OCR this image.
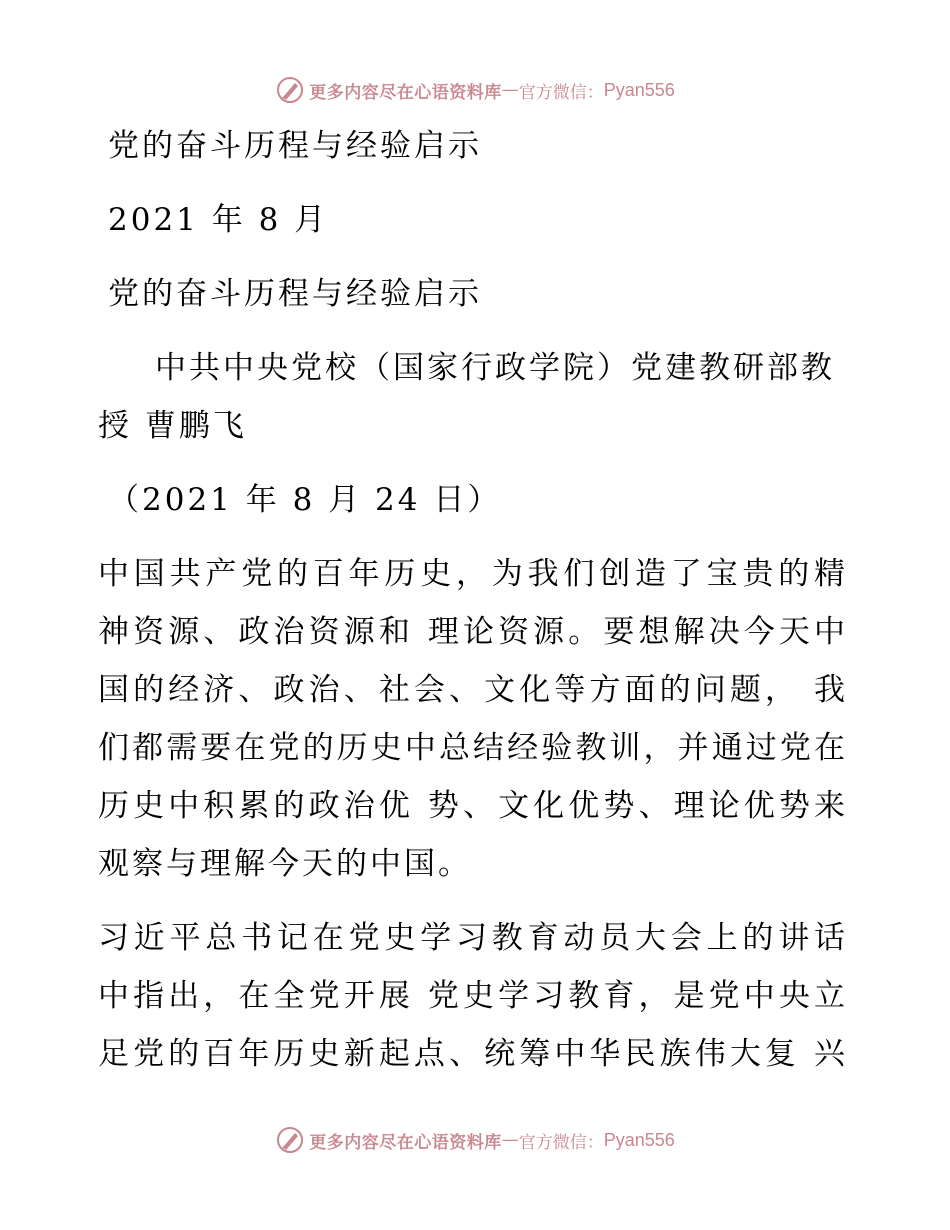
更多内容尽在心语资料库 — 官方微信： Pyan556
党的奋斗历程与经验启示
2021 年 8 月
党的奋斗历程与经验启示
中共中央党校（国家行政学院）党建教研部教
授 曹鹏飞
（2021 年 8 月 24 日）
中国共产党的百年历史，为我们创造了宝贵的精
神资源、政治资源和 理论资源。要想解决今天中
国的经济、政治、社会、文化等方面的问题， 我
们都需要在党的历史中总结经验教训，并通过党在
历史中积累的政治优 势、文化优势、理论优势来
观察与理解今天的中国。
习近平总书记在党史学习教育动员大会上的讲话
中指出，在全党开展 党史学习教育，是党中央立
足党的百年历史新起点、统筹中华民族伟大复 兴
更多内容尽在心语资料库 — 官方微信： Pyan556
